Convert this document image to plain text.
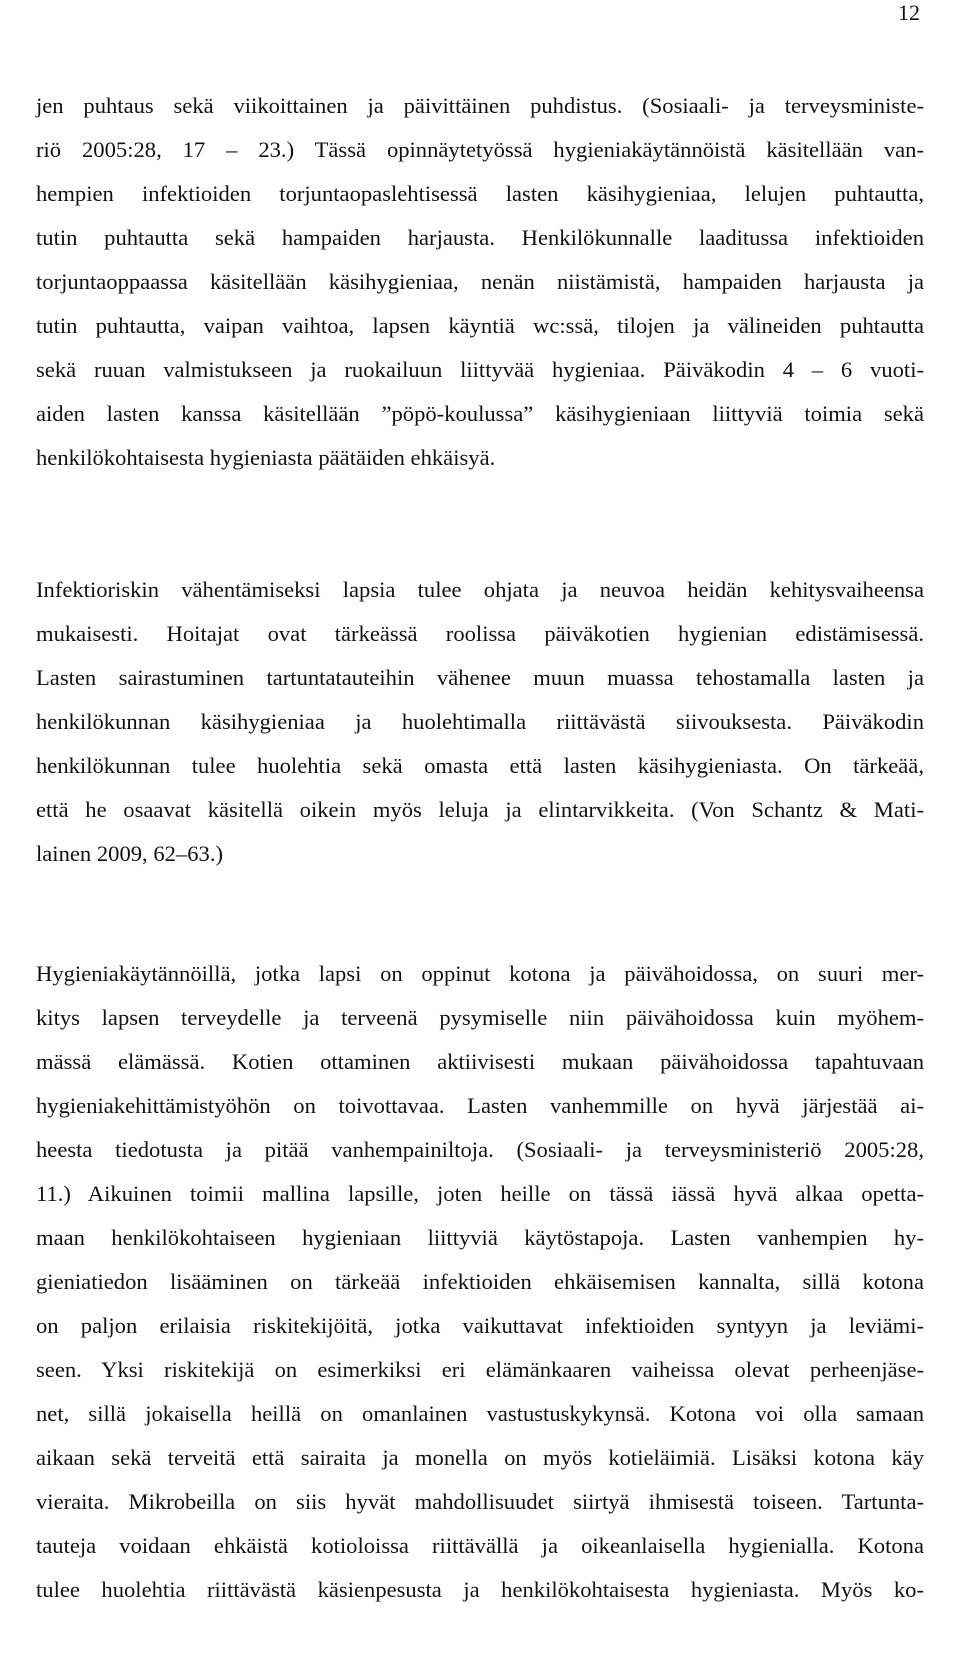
12
jen puhtaus sekä viikoittainen ja päivittäinen puhdistus. (Sosiaali- ja terveysministe-
riö 2005:28, 17 – 23.) Tässä opinnäytetyössä hygieniakäytännöistä käsitellään van-
hempien infektioiden torjuntaopaslehtisessä lasten käsihygieniaa, lelujen puhtautta,
tutin puhtautta sekä hampaiden harjausta. Henkilökunnalle laaditussa infektioiden
torjuntaoppaassa käsitellään käsihygieniaa, nenän niistämistä, hampaiden harjausta ja
tutin puhtautta, vaipan vaihtoa, lapsen käyntiä wc:ssä, tilojen ja välineiden puhtautta
sekä ruuan valmistukseen ja ruokailuun liittyvää hygieniaa. Päiväkodin 4 – 6 vuoti-
aiden lasten kanssa käsitellään ”pöpö-koulussa” käsihygieniaan liittyviä toimia sekä
henkilökohtaisesta hygieniasta päätäiden ehkäisyä.
Infektioriskin vähentämiseksi lapsia tulee ohjata ja neuvoa heidän kehitysvaiheensa
mukaisesti. Hoitajat ovat tärkeässä roolissa päiväkotien hygienian edistämisessä.
Lasten sairastuminen tartuntatauteihin vähenee muun muassa tehostamalla lasten ja
henkilökunnan käsihygieniaa ja huolehtimalla riittävästä siivouksesta. Päiväkodin
henkilökunnan tulee huolehtia sekä omasta että lasten käsihygieniasta. On tärkeää,
että he osaavat käsitellä oikein myös leluja ja elintarvikkeita. (Von Schantz & Mati-
lainen 2009, 62–63.)
Hygieniakäytännöillä, jotka lapsi on oppinut kotona ja päivähoidossa, on suuri mer-
kitys lapsen terveydelle ja terveenä pysymiselle niin päivähoidossa kuin myöhem-
mässä elämässä. Kotien ottaminen aktiivisesti mukaan päivähoidossa tapahtuvaan
hygieniakehittämistyöhön on toivottavaa. Lasten vanhemmille on hyvä järjestää ai-
heesta tiedotusta ja pitää vanhempainiltoja. (Sosiaali- ja terveysministeriö 2005:28,
11.) Aikuinen toimii mallina lapsille, joten heille on tässä iässä hyvä alkaa opetta-
maan henkilökohtaiseen hygieniaan liittyviä käytöstapoja. Lasten vanhempien hy-
gieniatiedon lisääminen on tärkeää infektioiden ehkäisemisen kannalta, sillä kotona
on paljon erilaisia riskitekijöitä, jotka vaikuttavat infektioiden syntyyn ja leviämi-
seen. Yksi riskitekijä on esimerkiksi eri elämänkaaren vaiheissa olevat perheenjäse-
net, sillä jokaisella heillä on omanlainen vastustuskykynsä. Kotona voi olla samaan
aikaan sekä terveitä että sairaita ja monella on myös kotieläimiä. Lisäksi kotona käy
vieraita. Mikrobeilla on siis hyvät mahdollisuudet siirtyä ihmisestä toiseen. Tartunta-
tauteja voidaan ehkäistä kotioloissa riittävällä ja oikeanlaisella hygienialla. Kotona
tulee huolehtia riittävästä käsienpesusta ja henkilökohtaisesta hygieniasta. Myös ko-
